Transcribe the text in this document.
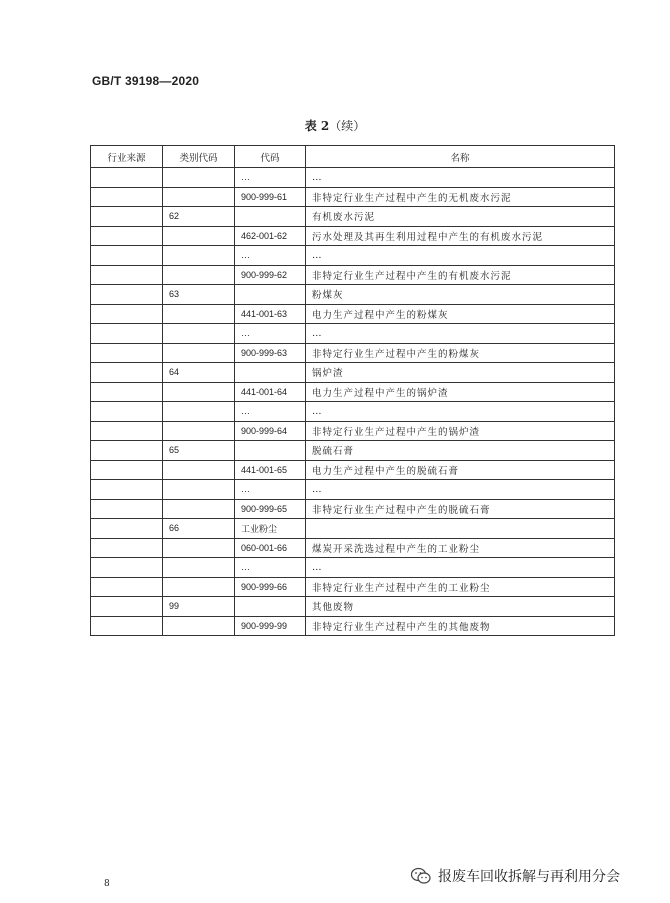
GB/T 39198—2020
表 2（续）
行业来源	类别代码	代码	名称
		…	…
		900-999-61	非特定行业生产过程中产生的无机废水污泥
	62		有机废水污泥
		462-001-62	污水处理及其再生利用过程中产生的有机废水污泥
		…	…
		900-999-62	非特定行业生产过程中产生的有机废水污泥
	63		粉煤灰
		441-001-63	电力生产过程中产生的粉煤灰
		…	…
		900-999-63	非特定行业生产过程中产生的粉煤灰
	64		锅炉渣
		441-001-64	电力生产过程中产生的锅炉渣
		…	…
		900-999-64	非特定行业生产过程中产生的锅炉渣
	65		脱硫石膏
		441-001-65	电力生产过程中产生的脱硫石膏
		…	…
		900-999-65	非特定行业生产过程中产生的脱硫石膏
	66	工业粉尘	
		060-001-66	煤炭开采洗选过程中产生的工业粉尘
		…	…
		900-999-66	非特定行业生产过程中产生的工业粉尘
	99		其他废物
		900-999-99	非特定行业生产过程中产生的其他废物
8	报废车回收拆解与再利用分会
